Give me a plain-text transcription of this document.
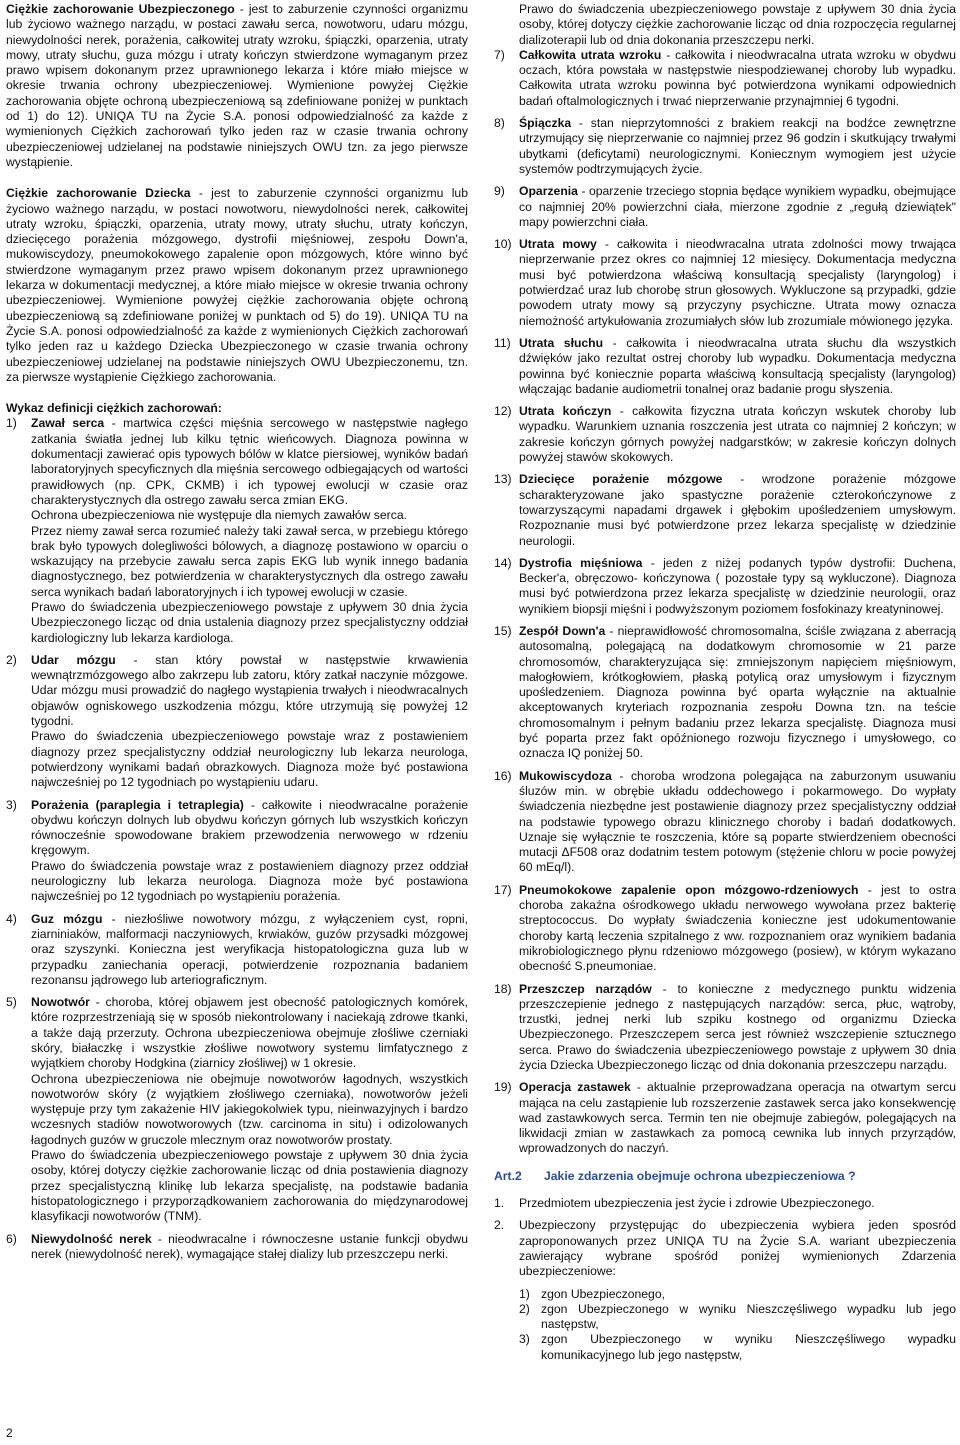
Ciężkie zachorowanie Ubezpieczonego - jest to zaburzenie czynności organizmu lub życiowo ważnego narządu, w postaci zawału serca, nowotworu, udaru mózgu, niewydolności nerek, porażenia, całkowitej utraty wzroku, śpiączki, oparzenia, utraty mowy, utraty słuchu, guza mózgu i utraty kończyn stwierdzone wymaganym przez prawo wpisem dokonanym przez uprawnionego lekarza i które miało miejsce w okresie trwania ochrony ubezpieczeniowej. Wymienione powyżej Ciężkie zachorowania objęte ochroną ubezpieczeniową są zdefiniowane poniżej w punktach od 1) do 12). UNIQA TU na Życie S.A. ponosi odpowiedzialność za każde z wymienionych Ciężkich zachorowań tylko jeden raz w czasie trwania ochrony ubezpieczeniowej udzielanej na podstawie niniejszych OWU tzn. za jego pierwsze wystąpienie.

Ciężkie zachorowanie Dziecka - jest to zaburzenie czynności organizmu lub życiowo ważnego narządu, w postaci nowotworu, niewydolności nerek, całkowitej utraty wzroku, śpiączki, oparzenia, utraty mowy, utraty słuchu, utraty kończyn, dziecięcego porażenia mózgowego, dystrofii mięśniowej, zespołu Down'a, mukowiscydozy, pneumokokowego zapalenie opon mózgowych, które winno być stwierdzone wymaganym przez prawo wpisem dokonanym przez uprawnionego lekarza w dokumentacji medycznej, a które miało miejsce w okresie trwania ochrony ubezpieczeniowej. Wymienione powyżej ciężkie zachorowania objęte ochroną ubezpieczeniową są zdefiniowane poniżej w punktach od 5) do 19). UNIQA TU na Życie S.A. ponosi odpowiedzialność za każde z wymienionych Ciężkich zachorowań tylko jeden raz u każdego Dziecka Ubezpieczonego w czasie trwania ochrony ubezpieczeniowej udzielanej na podstawie niniejszych OWU Ubezpieczonemu, tzn. za pierwsze wystąpienie Ciężkiego zachorowania.

Wykaz definicji ciężkich zachorowań:

1) Zawał serca - martwica części mięśnia sercowego w następstwie nagłego zatkania światła jednej lub kilku tętnic wieńcowych. Diagnoza powinna w dokumentacji zawierać opis typowych bólów w klatce piersiowej, wyników badań laboratoryjnych specyficznych dla mięśnia sercowego odbiegających od wartości prawidłowych (np. CPK, CKMB) i ich typowej ewolucji w czasie oraz charakterystycznych dla ostrego zawału serca zmian EKG.

Ochrona ubezpieczeniowa nie występuje dla niemych zawałów serca.

Przez niemy zawał serca rozumieć należy taki zawał serca, w przebiegu którego brak było typowych dolegliwości bólowych, a diagnozę postawiono w oparciu o wskazujący na przebycie zawału serca zapis EKG lub wynik innego badania diagnostycznego, bez potwierdzenia w charakterystycznych dla ostrego zawału serca wynikach badań laboratoryjnych i ich typowej ewolucji w czasie.

Prawo do świadczenia ubezpieczeniowego powstaje z upływem 30 dnia życia Ubezpieczonego licząc od dnia ustalenia diagnozy przez specjalistyczny oddział kardiologiczny lub lekarza kardiologa.

2) Udar mózgu - stan który powstał w następstwie krwawienia wewnątrzmózgowego albo zakrzepu lub zatoru, który zatkał naczynie mózgowe. Udar mózgu musi prowadzić do nagłego wystąpienia trwałych i nieodwracalnych objawów ogniskowego uszkodzenia mózgu, które utrzymują się powyżej 12 tygodni.

Prawo do świadczenia ubezpieczeniowego powstaje wraz z postawieniem diagnozy przez specjalistyczny oddział neurologiczny lub lekarza neurologa, potwierdzony wynikami badań obrazkowych. Diagnoza może być postawiona najwcześniej po 12 tygodniach po wystąpieniu udaru.

3) Porażenia (paraplegia i tetraplegia) - całkowite i nieodwracalne porażenie obydwu kończyn dolnych lub obydwu kończyn górnych lub wszystkich kończyn równocześnie spowodowane brakiem przewodzenia nerwowego w rdzeniu kręgowym.

Prawo do świadczenia powstaje wraz z postawieniem diagnozy przez oddział neurologiczny lub lekarza neurologa. Diagnoza może być postawiona najwcześniej po 12 tygodniach po wystąpieniu porażenia.

4) Guz mózgu - niezłośliwe nowotwory mózgu, z wyłączeniem cyst, ropni, ziarniniaków, malformacji naczyniowych, krwiaków, guzów przysadki mózgowej oraz szyszynki. Konieczna jest weryfikacja histopatologiczna guza lub w przypadku zaniechania operacji, potwierdzenie rozpoznania badaniem rezonansu jądrowego lub arteriograficznym.

5) Nowotwór - choroba, której objawem jest obecność patologicznych komórek, które rozprzestrzeniają się w sposób niekontrolowany i naciekają zdrowe tkanki, a także dają przerzuty. Ochrona ubezpieczeniowa obejmuje złośliwe czerniaki skóry, białaczkę i wszystkie złośliwe nowotwory systemu limfatycznego z wyjątkiem choroby Hodgkina (ziarnicy złośliwej) w 1 okresie.

Ochrona ubezpieczeniowa nie obejmuje nowotworów łagodnych, wszystkich nowotworów skóry (z wyjątkiem złośliwego czerniaka), nowotworów jeżeli występuje przy tym zakażenie HIV jakiegokolwiek typu, nieinwazyjnych i bardzo wczesnych stadiów nowotworowych (tzw. carcinoma in situ) i odizolowanych łagodnych guzów w gruczole mlecznym oraz nowotworów prostaty.

Prawo do świadczenia ubezpieczeniowego powstaje z upływem 30 dnia życia osoby, której dotyczy ciężkie zachorowanie licząc od dnia postawienia diagnozy przez specjalistyczną klinikę lub lekarza specjalistę, na podstawie badania histopatologicznego i przyporządkowaniem zachorowania do międzynarodowej klasyfikacji nowotworów (TNM).

6) Niewydolność nerek - nieodwracalne i równoczesne ustanie funkcji obydwu nerek (niewydolność nerek), wymagające stałej dializy lub przeszczepu nerki.

Prawo do świadczenia ubezpieczeniowego powstaje z upływem 30 dnia życia osoby, której dotyczy ciężkie zachorowanie licząc od dnia rozpoczęcia regularnej dializoterapii lub od dnia dokonania przeszczepu nerki.

7) Całkowita utrata wzroku - całkowita i nieodwracalna utrata wzroku w obydwu oczach, która powstała w następstwie niespodziewanej choroby lub wypadku. Całkowita utrata wzroku powinna być potwierdzona wynikami odpowiednich badań oftalmologicznych i trwać nieprzerwanie przynajmniej 6 tygodni.

8) Śpiączka - stan nieprzytomności z brakiem reakcji na bodźce zewnętrzne utrzymujący się nieprzerwanie co najmniej przez 96 godzin i skutkujący trwałymi ubytkami (deficytami) neurologicznymi. Koniecznym wymogiem jest użycie systemów podtrzymujących życie.

9) Oparzenia - oparzenie trzeciego stopnia będące wynikiem wypadku, obejmujące co najmniej 20% powierzchni ciała, mierzone zgodnie z „regułą dziewiątek" mapy powierzchni ciała.

10) Utrata mowy - całkowita i nieodwracalna utrata zdolności mowy trwająca nieprzerwanie przez okres co najmniej 12 miesięcy. Dokumentacja medyczna musi być potwierdzona właściwą konsultacją specjalisty (laryngolog) i potwierdzać uraz lub chorobę strun głosowych. Wykluczone są przypadki, gdzie powodem utraty mowy są przyczyny psychiczne. Utrata mowy oznacza niemożność artykułowania zrozumiałych słów lub zrozumiale mówionego języka.

11) Utrata słuchu - całkowita i nieodwracalna utrata słuchu dla wszystkich dźwięków jako rezultat ostrej choroby lub wypadku. Dokumentacja medyczna powinna być koniecznie poparta właściwą konsultacją specjalisty (laryngolog) włączając badanie audiometrii tonalnej oraz badanie progu słyszenia.

12) Utrata kończyn - całkowita fizyczna utrata kończyn wskutek choroby lub wypadku. Warunkiem uznania roszczenia jest utrata co najmniej 2 kończyn; w zakresie kończyn górnych powyżej nadgarstków; w zakresie kończyn dolnych powyżej stawów skokowych.

13) Dziecięce porażenie mózgowe - wrodzone porażenie mózgowe scharakteryzowane jako spastyczne porażenie czterokończynowe z towarzyszącymi napadami drgawek i głębokim upośledzeniem umysłowym. Rozpoznanie musi być potwierdzone przez lekarza specjalistę w dziedzinie neurologii.

14) Dystrofia mięśniowa - jeden z niżej podanych typów dystrofii: Duchena, Becker'a, obręczowo- kończynowa ( pozostałe typy są wykluczone). Diagnoza musi być potwierdzona przez lekarza specjalistę w dziedzinie neurologii, oraz wynikiem biopsji mięśni i podwyższonym poziomem fosfokinazy kreatyninowej.

15) Zespół Down'a - nieprawidłowość chromosomalna, ściśle związana z aberracją autosomalną, polegającą na dodatkowym chromosomie w 21 parze chromosomów, charakteryzująca się: zmniejszonym napięciem mięśniowym, małogłowiem, krótkogłowiem, płaską potylicą oraz umysłowym i fizycznym upośledzeniem. Diagnoza powinna być oparta wyłącznie na aktualnie akceptowanych kryteriach rozpoznania zespołu Downa tzn. na teście chromosomalnym i pełnym badaniu przez lekarza specjalistę. Diagnoza musi być poparta przez fakt opóźnionego rozwoju fizycznego i umysłowego, co oznacza IQ poniżej 50.

16) Mukowiscydoza - choroba wrodzona polegająca na zaburzonym usuwaniu śluzów min. w obrębie układu oddechowego i pokarmowego. Do wypłaty świadczenia niezbędne jest postawienie diagnozy przez specjalistyczny oddział na podstawie typowego obrazu klinicznego choroby i badań dodatkowych. Uznaje się wyłącznie te roszczenia, które są poparte stwierdzeniem obecności mutacji ΔF508 oraz dodatnim testem potowym (stężenie chloru w pocie powyżej 60 mEq/l).

17) Pneumokokowe zapalenie opon mózgowo-rdzeniowych - jest to ostra choroba zakaźna ośrodkowego układu nerwowego wywołana przez bakterię streptococcus. Do wypłaty świadczenia konieczne jest udokumentowanie choroby kartą leczenia szpitalnego z ww. rozpoznaniem oraz wynikiem badania mikrobiologicznego płynu rdzeniowo mózgowego (posiew), w którym wykazano obecność S.pneumoniae.

18) Przeszczep narządów - to konieczne z medycznego punktu widzenia przeszczepienie jednego z następujących narządów: serca, płuc, wątroby, trzustki, jednej nerki lub szpiku kostnego od organizmu Dziecka Ubezpieczonego. Przeszczepem serca jest również wszczepienie sztucznego serca. Prawo do świadczenia ubezpieczeniowego powstaje z upływem 30 dnia życia Dziecka Ubezpieczonego licząc od dnia dokonania przeszczepu narządu.

19) Operacja zastawek - aktualnie przeprowadzana operacja na otwartym sercu mająca na celu zastąpienie lub rozszerzenie zastawek serca jako konsekwencję wad zastawkowych serca. Termin ten nie obejmuje zabiegów, polegających na likwidacji zmian w zastawkach za pomocą cewnika lub innych przyrządów, wprowadzonych do naczyń.

Art.2	Jakie zdarzenia obejmuje ochrona ubezpieczeniowa ?
1. Przedmiotem ubezpieczenia jest życie i zdrowie Ubezpieczonego.

2. Ubezpieczony przystępując do ubezpieczenia wybiera jeden sposród zaproponowanych przez UNIQA TU na Życie S.A. wariant ubezpieczenia zawierający wybrane spośród poniżej wymienionych Zdarzenia ubezpieczeniowe:

1) zgon Ubezpieczonego,
2) zgon Ubezpieczonego w wyniku Nieszczęśliwego wypadku lub jego następstw,
3) zgon Ubezpieczonego w wyniku Nieszczęśliwego wypadku komunikacyjnego lub jego następstw,
2
